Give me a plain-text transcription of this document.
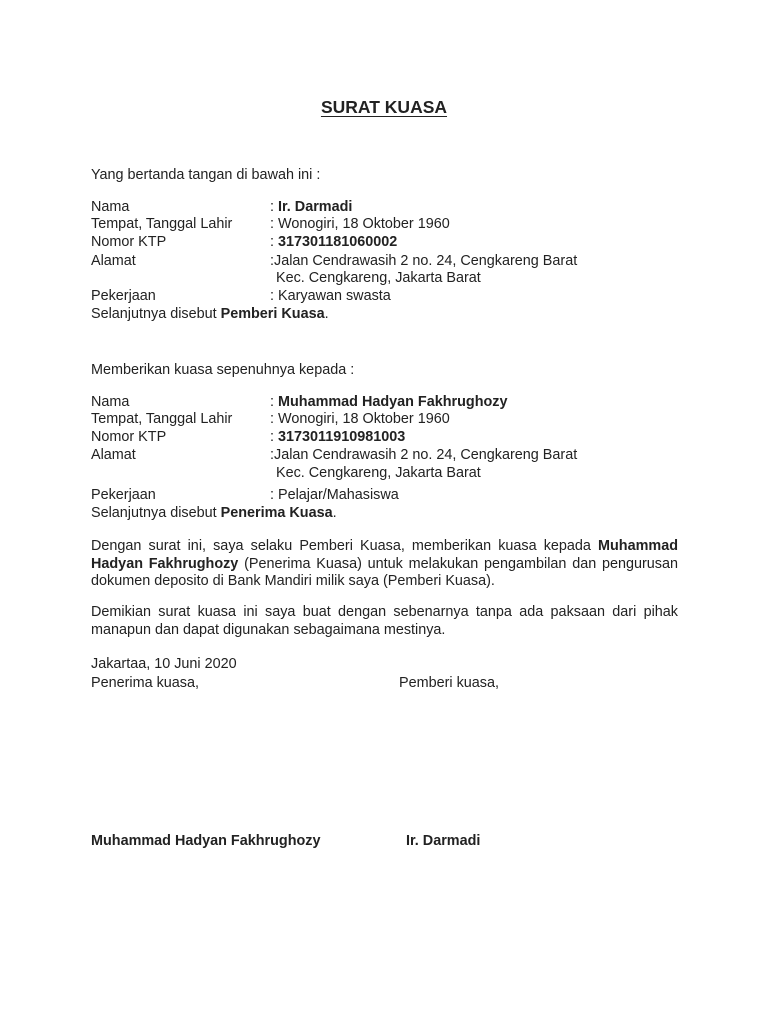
SURAT KUASA
Yang bertanda tangan di bawah ini :
Nama	: Ir. Darmadi
Tempat, Tanggal Lahir	: Wonogiri, 18 Oktober 1960
Nomor KTP	: 317301181060002
Alamat	:Jalan Cendrawasih 2 no. 24, Cengkareng Barat
Kec. Cengkareng, Jakarta Barat
Pekerjaan	: Karyawan swasta
Selanjutnya disebut Pemberi Kuasa.
Memberikan kuasa sepenuhnya kepada :
Nama	: Muhammad Hadyan Fakhrughozy
Tempat, Tanggal Lahir	: Wonogiri, 18 Oktober 1960
Nomor KTP	: 3173011910981003
Alamat	:Jalan Cendrawasih 2 no. 24, Cengkareng Barat
Kec. Cengkareng, Jakarta Barat
Pekerjaan	: Pelajar/Mahasiswa
Selanjutnya disebut Penerima Kuasa.
Dengan surat ini, saya selaku Pemberi Kuasa, memberikan kuasa kepada Muhammad Hadyan Fakhrughozy (Penerima Kuasa) untuk melakukan pengambilan dan pengurusan dokumen deposito di Bank Mandiri milik saya (Pemberi Kuasa).
Demikian surat kuasa ini saya buat dengan sebenarnya tanpa ada paksaan dari pihak manapun dan dapat digunakan sebagaimana mestinya.
Jakartaa, 10 Juni 2020
Penerima kuasa,	Pemberi kuasa,
Muhammad Hadyan Fakhrughozy	Ir. Darmadi
